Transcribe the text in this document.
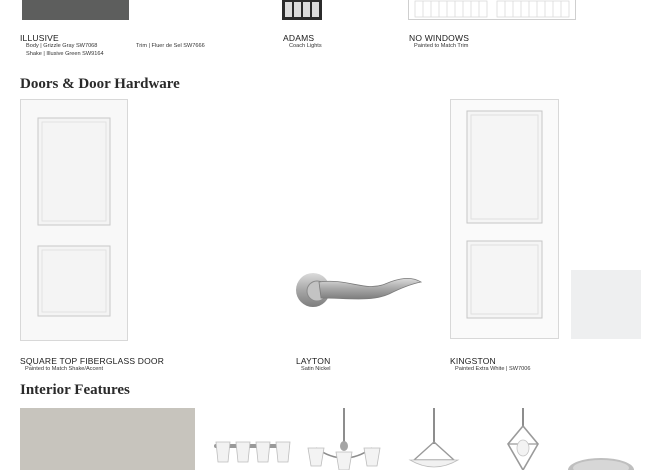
ILLUSIVE
Body | Grizzle Gray SW7068
Shake | Illusive Green SW9164
Trim | Fluer de Sel SW7666
ADAMS
Coach Lights
NO WINDOWS
Painted to Match Trim
Doors & Door Hardware
SQUARE TOP FIBERGLASS DOOR
Painted to Match Shake/Accent
LAYTON
Satin Nickel
KINGSTON
Painted Extra White | SW7006
Interior Features
